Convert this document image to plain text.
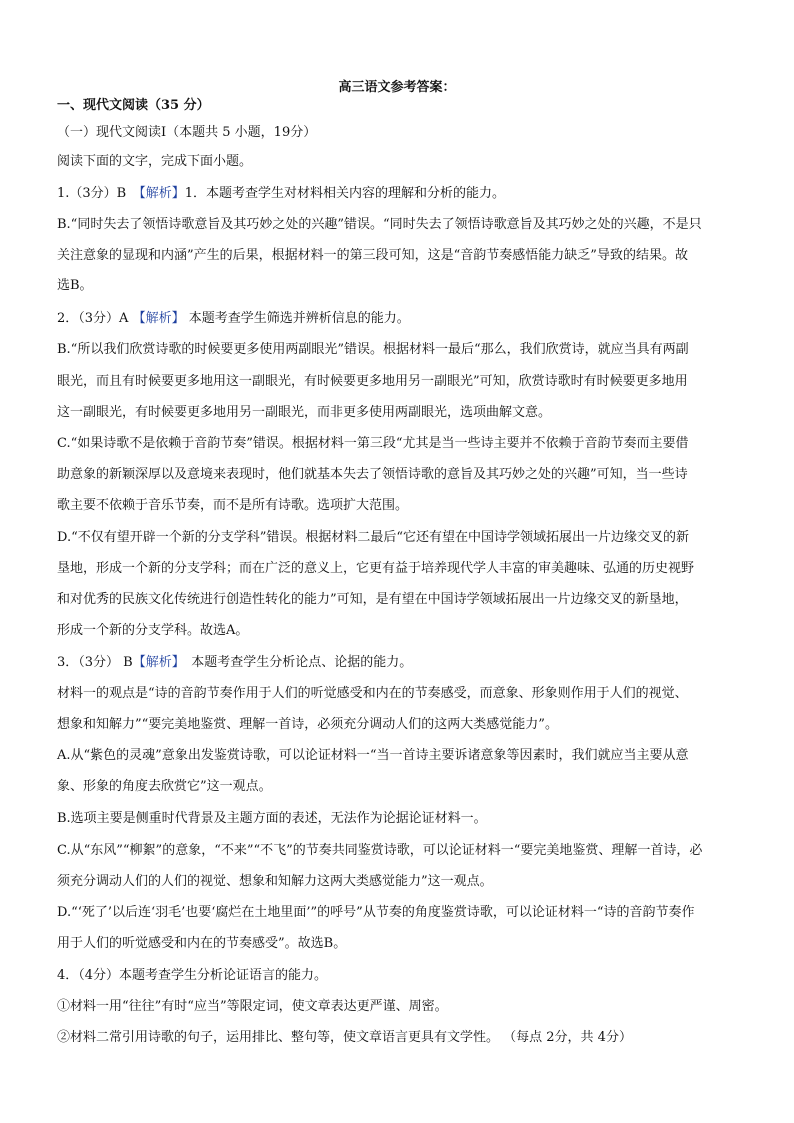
高三语文参考答案：
一、现代文阅读（35 分）
（一）现代文阅读Ⅰ（本题共 5 小题，19分）
阅读下面的文字，完成下面小题。
1.（3分）B　 【解析】1．本题考查学生对材料相关内容的理解和分析的能力。
B.“同时失去了领悟诗歌意旨及其巧妙之处的兴趣”错误。“同时失去了领悟诗歌意旨及其巧妙之处的兴趣，不是只
关注意象的显现和内涵”产生的后果，根据材料一的第三段可知，这是“音韵节奏感悟能力缺乏”导致的结果。故
选B。
2．（3分）A 【解析】 本题考查学生筛选并辨析信息的能力。
B.“所以我们欣赏诗歌的时候要更多使用两副眼光”错误。根据材料一最后“那么，我们欣赏诗，就应当具有两副
眼光，而且有时候要更多地用这一副眼光，有时候要更多地用另一副眼光”可知，欣赏诗歌时有时候要更多地用
这一副眼光，有时候要更多地用另一副眼光，而非更多使用两副眼光，选项曲解文意。
C.“如果诗歌不是依赖于音韵节奏”错误。根据材料一第三段“尤其是当一些诗主要并不依赖于音韵节奏而主要借
助意象的新颖深厚以及意境来表现时，他们就基本失去了领悟诗歌的意旨及其巧妙之处的兴趣”可知，当一些诗
歌主要不依赖于音乐节奏，而不是所有诗歌。选项扩大范围。
D.“不仅有望开辟一个新的分支学科”错误。根据材料二最后“它还有望在中国诗学领域拓展出一片边缘交叉的新
垦地，形成一个新的分支学科；而在广泛的意义上，它更有益于培养现代学人丰富的审美趣味、弘通的历史视野
和对优秀的民族文化传统进行创造性转化的能力”可知，是有望在中国诗学领域拓展出一片边缘交叉的新垦地，
形成一个新的分支学科。故选A。
3．（3分） B【解析】　 本题考查学生分析论点、论据的能力。
材料一的观点是“诗的音韵节奏作用于人们的听觉感受和内在的节奏感受，而意象、形象则作用于人们的视觉、
想象和知解力”“要完美地鉴赏、理解一首诗，必须充分调动人们的这两大类感觉能力”。
A.从“紫色的灵魂”意象出发鉴赏诗歌，可以论证材料一“当一首诗主要诉诸意象等因素时，我们就应当主要从意
象、形象的角度去欣赏它”这一观点。
B.选项主要是侧重时代背景及主题方面的表述，无法作为论据论证材料一。
C.从“东风”“柳絮”的意象，“不来”“不飞”的节奏共同鉴赏诗歌，可以论证材料一“要完美地鉴赏、理解一首诗，必
须充分调动人们的人们的视觉、想象和知解力这两大类感觉能力”这一观点。
D.“‘死了’以后连‘羽毛’也要‘腐烂在土地里面’”的呼号”从节奏的角度鉴赏诗歌，可以论证材料一“诗的音韵节奏作
用于人们的听觉感受和内在的节奏感受”。故选B。
4．（4分）本题考查学生分析论证语言的能力。
①材料一用“往往”有时“应当”等限定词，使文章表达更严谨、周密。
②材料二常引用诗歌的句子，运用排比、整句等，使文章语言更具有文学性。 （每点 2分，共 4分）
